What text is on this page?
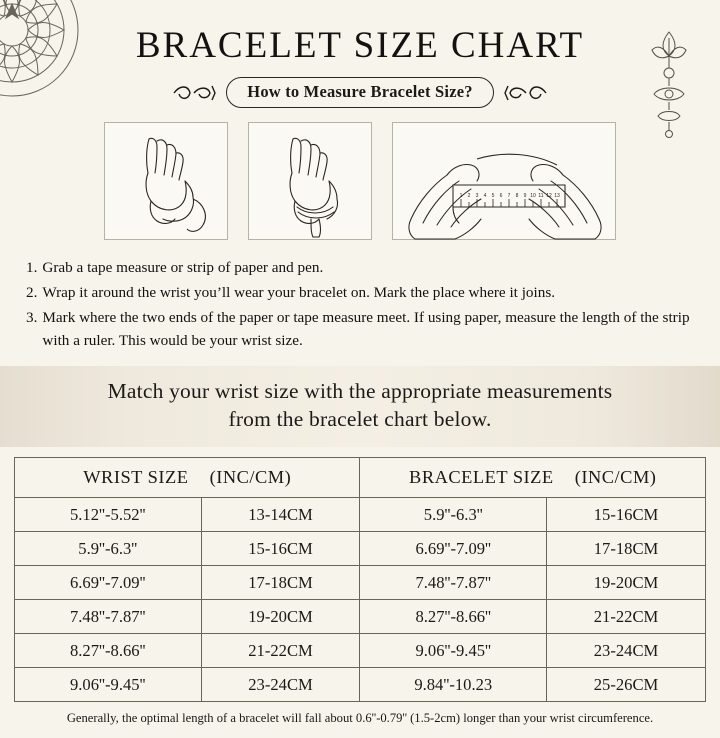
BRACELET SIZE CHART
How to Measure Bracelet Size?
1 2 3 4 5 6 7 8 9 10 11 12 13
1. Grab a tape measure or strip of paper and pen.
2. Wrap it around the wrist you’ll wear your bracelet on. Mark the place where it joins.
3. Mark where the two ends of the paper or tape measure meet. If using paper, measure the length of the strip with a ruler. This would be your wrist size.
Match your wrist size with the appropriate measurements
from the bracelet chart below.
WRIST SIZE (INC/CM)		BRACELET SIZE (INC/CM)	
5.12''-5.52''	13-14CM	5.9''-6.3''	15-16CM
5.9''-6.3''	15-16CM	6.69''-7.09''	17-18CM
6.69''-7.09''	17-18CM	7.48''-7.87''	19-20CM
7.48''-7.87''	19-20CM	8.27''-8.66''	21-22CM
8.27''-8.66''	21-22CM	9.06''-9.45''	23-24CM
9.06''-9.45''	23-24CM	9.84''-10.23	25-26CM
Generally, the optimal length of a bracelet will fall about 0.6''-0.79'' (1.5-2cm) longer than your wrist circumference.
